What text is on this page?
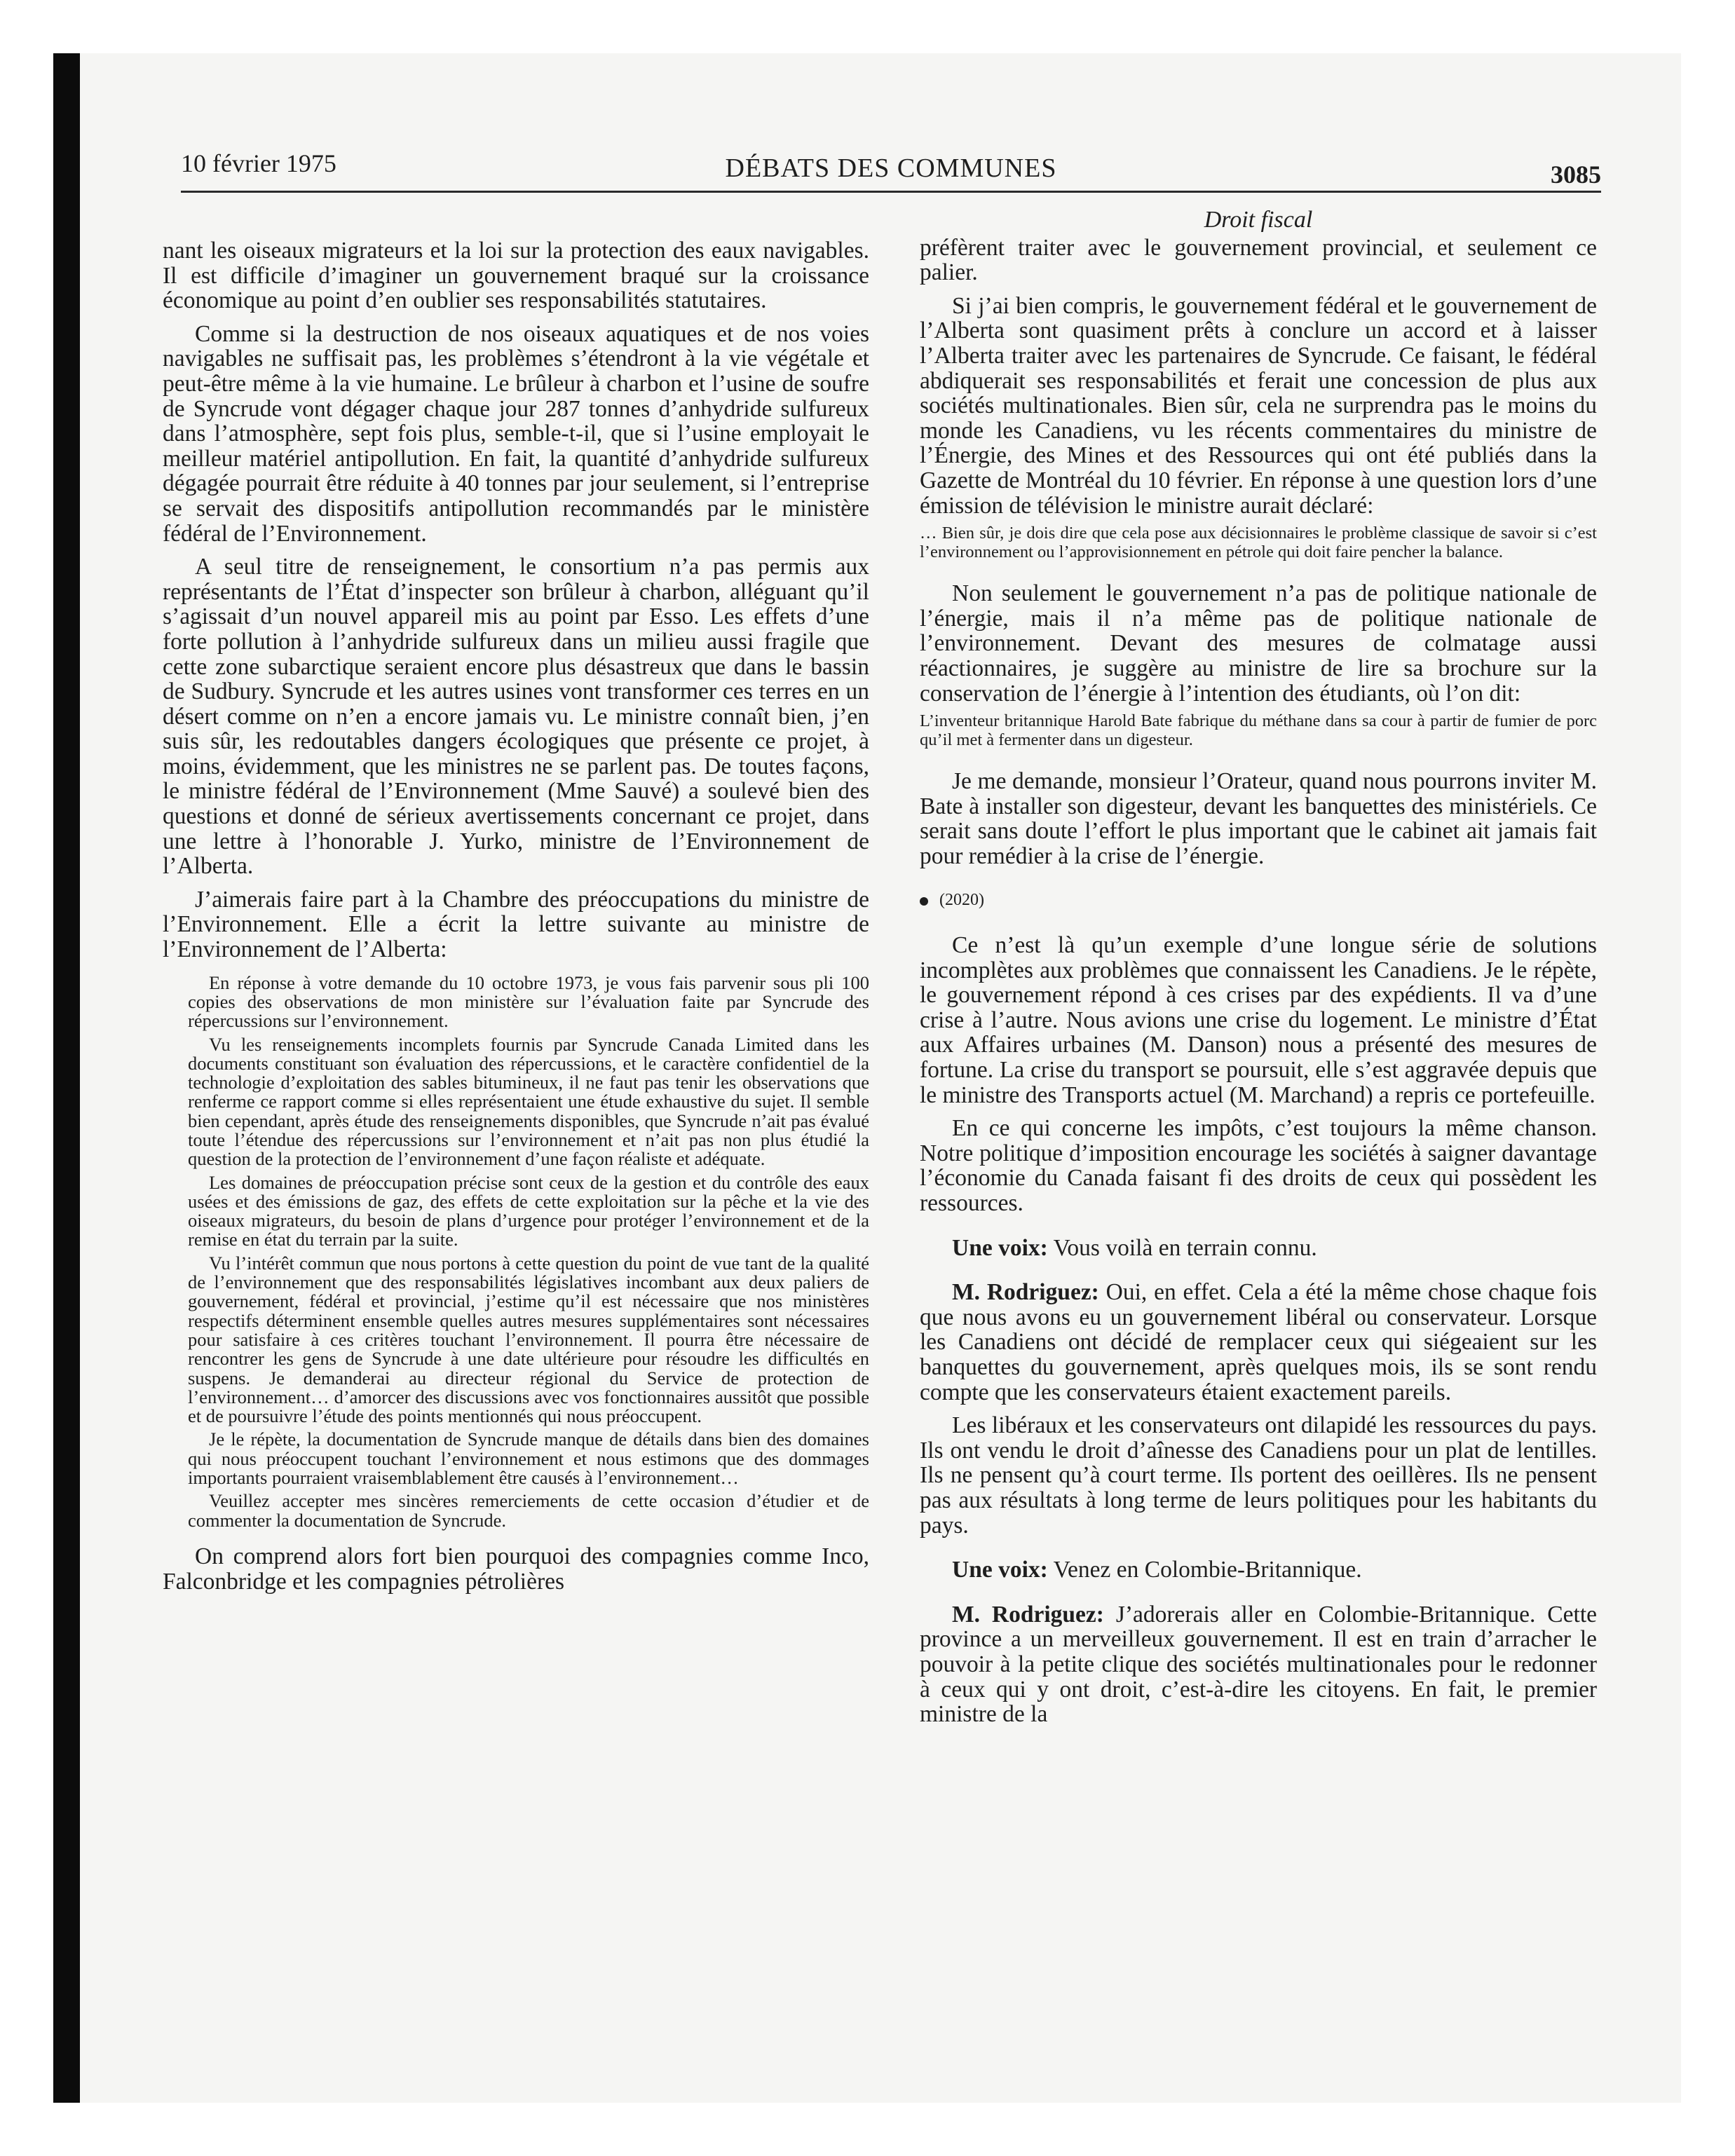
10 février 1975	DÉBATS DES COMMUNES	3085

nant les oiseaux migrateurs et la loi sur la protection des eaux navigables. Il est difficile d’imaginer un gouvernement braqué sur la croissance économique au point d’en oublier ses responsabilités statutaires.

Comme si la destruction de nos oiseaux aquatiques et de nos voies navigables ne suffisait pas, les problèmes s’étendront à la vie végétale et peut-être même à la vie humaine. Le brûleur à charbon et l’usine de soufre de Syncrude vont dégager chaque jour 287 tonnes d’anhydride sulfureux dans l’atmosphère, sept fois plus, semble-t-il, que si l’usine employait le meilleur matériel antipollution. En fait, la quantité d’anhydride sulfureux dégagée pourrait être réduite à 40 tonnes par jour seulement, si l’entreprise se servait des dispositifs antipollution recommandés par le ministère fédéral de l’Environnement.

A seul titre de renseignement, le consortium n’a pas permis aux représentants de l’État d’inspecter son brûleur à charbon, alléguant qu’il s’agissait d’un nouvel appareil mis au point par Esso. Les effets d’une forte pollution à l’anhydride sulfureux dans un milieu aussi fragile que cette zone subarctique seraient encore plus désastreux que dans le bassin de Sudbury. Syncrude et les autres usines vont transformer ces terres en un désert comme on n’en a encore jamais vu. Le ministre connaît bien, j’en suis sûr, les redoutables dangers écologiques que présente ce projet, à moins, évidemment, que les ministres ne se parlent pas. De toutes façons, le ministre fédéral de l’Environnement (Mme Sauvé) a soulevé bien des questions et donné de sérieux avertissements concernant ce projet, dans une lettre à l’honorable J. Yurko, ministre de l’Environnement de l’Alberta.

J’aimerais faire part à la Chambre des préoccupations du ministre de l’Environnement. Elle a écrit la lettre suivante au ministre de l’Environnement de l’Alberta:

En réponse à votre demande du 10 octobre 1973, je vous fais parvenir sous pli 100 copies des observations de mon ministère sur l’évaluation faite par Syncrude des répercussions sur l’environnement.

Vu les renseignements incomplets fournis par Syncrude Canada Limited dans les documents constituant son évaluation des répercussions, et le caractère confidentiel de la technologie d’exploitation des sables bitumineux, il ne faut pas tenir les observations que renferme ce rapport comme si elles représentaient une étude exhaustive du sujet. Il semble bien cependant, après étude des renseignements disponibles, que Syncrude n’ait pas évalué toute l’étendue des répercussions sur l’environnement et n’ait pas non plus étudié la question de la protection de l’environnement d’une façon réaliste et adéquate.

Les domaines de préoccupation précise sont ceux de la gestion et du contrôle des eaux usées et des émissions de gaz, des effets de cette exploitation sur la pêche et la vie des oiseaux migrateurs, du besoin de plans d’urgence pour protéger l’environnement et de la remise en état du terrain par la suite.

Vu l’intérêt commun que nous portons à cette question du point de vue tant de la qualité de l’environnement que des responsabilités législatives incombant aux deux paliers de gouvernement, fédéral et provincial, j’estime qu’il est nécessaire que nos ministères respectifs déterminent ensemble quelles autres mesures supplémentaires sont nécessaires pour satisfaire à ces critères touchant l’environnement. Il pourra être nécessaire de rencontrer les gens de Syncrude à une date ultérieure pour résoudre les difficultés en suspens. Je demanderai au directeur régional du Service de protection de l’environnement… d’amorcer des discussions avec vos fonctionnaires aussitôt que possible et de poursuivre l’étude des points mentionnés qui nous préoccupent.

Je le répète, la documentation de Syncrude manque de détails dans bien des domaines qui nous préoccupent touchant l’environnement et nous estimons que des dommages importants pourraient vraisemblablement être causés à l’environnement…

Veuillez accepter mes sincères remerciements de cette occasion d’étudier et de commenter la documentation de Syncrude.

On comprend alors fort bien pourquoi des compagnies comme Inco, Falconbridge et les compagnies pétrolières

Droit fiscal

préfèrent traiter avec le gouvernement provincial, et seulement ce palier.

Si j’ai bien compris, le gouvernement fédéral et le gouvernement de l’Alberta sont quasiment prêts à conclure un accord et à laisser l’Alberta traiter avec les partenaires de Syncrude. Ce faisant, le fédéral abdiquerait ses responsabilités et ferait une concession de plus aux sociétés multinationales. Bien sûr, cela ne surprendra pas le moins du monde les Canadiens, vu les récents commentaires du ministre de l’Énergie, des Mines et des Ressources qui ont été publiés dans la Gazette de Montréal du 10 février. En réponse à une question lors d’une émission de télévision le ministre aurait déclaré:

… Bien sûr, je dois dire que cela pose aux décisionnaires le problème classique de savoir si c’est l’environnement ou l’approvisionnement en pétrole qui doit faire pencher la balance.

Non seulement le gouvernement n’a pas de politique nationale de l’énergie, mais il n’a même pas de politique nationale de l’environnement. Devant des mesures de colmatage aussi réactionnaires, je suggère au ministre de lire sa brochure sur la conservation de l’énergie à l’intention des étudiants, où l’on dit:

L’inventeur britannique Harold Bate fabrique du méthane dans sa cour à partir de fumier de porc qu’il met à fermenter dans un digesteur.

Je me demande, monsieur l’Orateur, quand nous pourrons inviter M. Bate à installer son digesteur, devant les banquettes des ministériels. Ce serait sans doute l’effort le plus important que le cabinet ait jamais fait pour remédier à la crise de l’énergie.

(2020)

Ce n’est là qu’un exemple d’une longue série de solutions incomplètes aux problèmes que connaissent les Canadiens. Je le répète, le gouvernement répond à ces crises par des expédients. Il va d’une crise à l’autre. Nous avions une crise du logement. Le ministre d’État aux Affaires urbaines (M. Danson) nous a présenté des mesures de fortune. La crise du transport se poursuit, elle s’est aggravée depuis que le ministre des Transports actuel (M. Marchand) a repris ce portefeuille.

En ce qui concerne les impôts, c’est toujours la même chanson. Notre politique d’imposition encourage les sociétés à saigner davantage l’économie du Canada faisant fi des droits de ceux qui possèdent les ressources.

Une voix: Vous voilà en terrain connu.

M. Rodriguez: Oui, en effet. Cela a été la même chose chaque fois que nous avons eu un gouvernement libéral ou conservateur. Lorsque les Canadiens ont décidé de remplacer ceux qui siégeaient sur les banquettes du gouvernement, après quelques mois, ils se sont rendu compte que les conservateurs étaient exactement pareils.

Les libéraux et les conservateurs ont dilapidé les ressources du pays. Ils ont vendu le droit d’aînesse des Canadiens pour un plat de lentilles. Ils ne pensent qu’à court terme. Ils portent des oeillères. Ils ne pensent pas aux résultats à long terme de leurs politiques pour les habitants du pays.

Une voix: Venez en Colombie-Britannique.

M. Rodriguez: J’adorerais aller en Colombie-Britannique. Cette province a un merveilleux gouvernement. Il est en train d’arracher le pouvoir à la petite clique des sociétés multinationales pour le redonner à ceux qui y ont droit, c’est-à-dire les citoyens. En fait, le premier ministre de la
